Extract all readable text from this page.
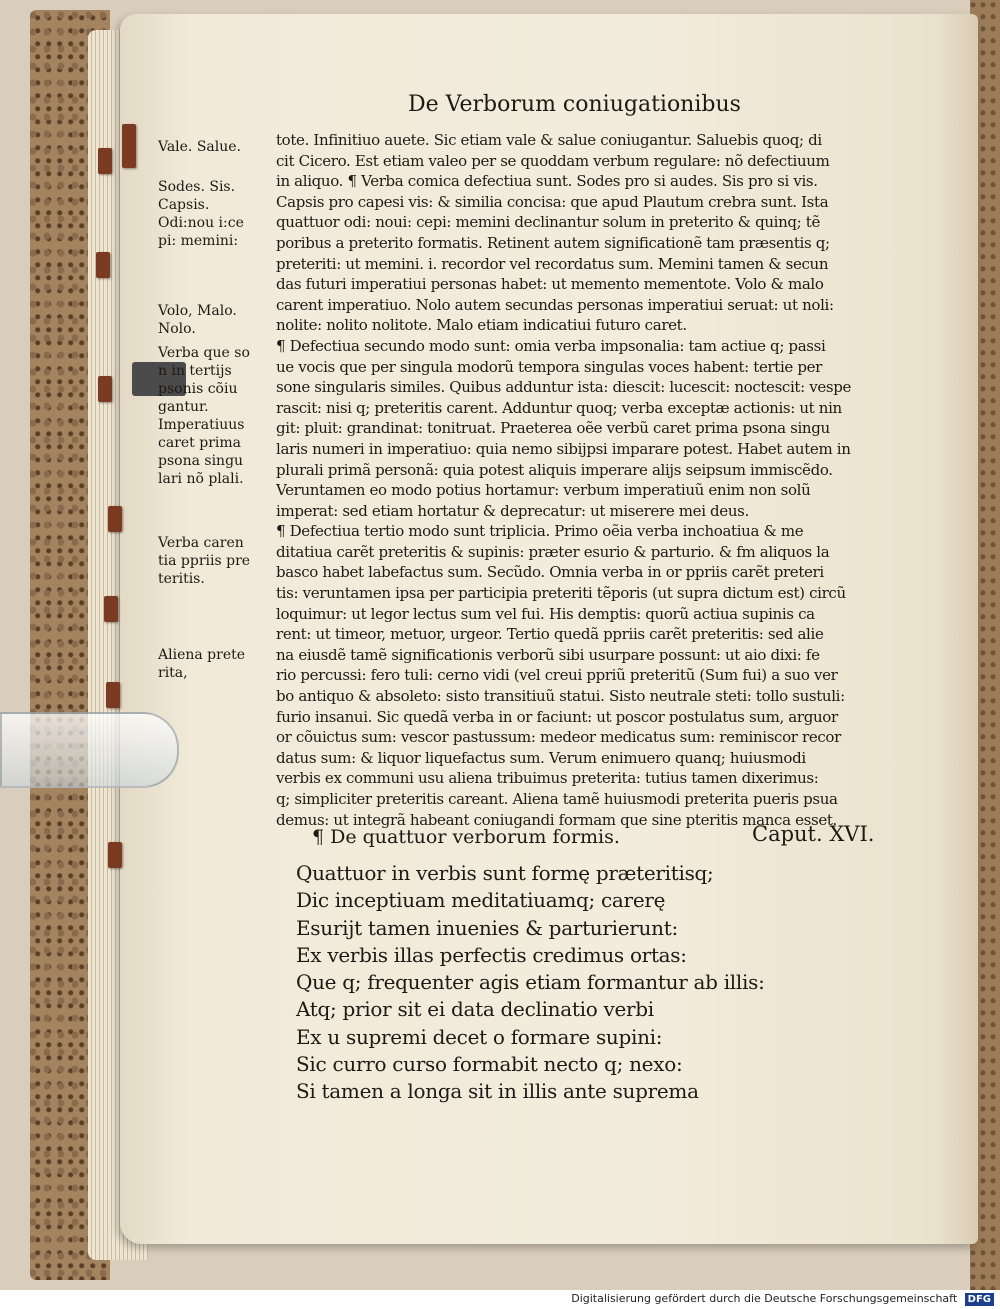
De Verborum coniugationibus
Vale. Salue.
Sodes. Sis.
Capsis.
Odi:nou i:ce
pi: memini:
Volo, Malo.
Nolo.
Verba que so
n in tertijs
psonis cõiu
gantur.
Imperatiuus
caret prima
psona singu
lari nõ plali.
Verba caren
tia ppriis pre
teritis.
Aliena prete
rita,
tote. Infinitiuo auete. Sic etiam vale & salue coniugantur. Saluebis quoq; di
cit Cicero. Est etiam valeo per se quoddam verbum regulare: nõ defectiuum
in aliquo. ¶ Verba comica defectiua sunt. Sodes pro si audes. Sis pro si vis.
Capsis pro capesi vis: & similia concisa: que apud Plautum crebra sunt. Ista
quattuor odi: noui: cepi: memini declinantur solum in preterito & quinq; tẽ
poribus a preterito formatis. Retinent autem significationẽ tam præsentis q;
preteriti: ut memini. i. recordor vel recordatus sum. Memini tamen & secun
das futuri imperatiui personas habet: ut memento mementote. Volo & malo
carent imperatiuo. Nolo autem secundas personas imperatiui seruat: ut noli:
nolite: nolito nolitote. Malo etiam indicatiui futuro caret.
¶ Defectiua secundo modo sunt: omia verba impsonalia: tam actiue q; passi
ue vocis que per singula modorũ tempora singulas voces habent: tertie per
sone singularis similes. Quibus adduntur ista: diescit: lucescit: noctescit: vespe
rascit: nisi q; preteritis carent. Adduntur quoq; verba exceptæ actionis: ut nin
git: pluit: grandinat: tonitruat. Praeterea oẽe verbũ caret prima psona singu
laris numeri in imperatiuo: quia nemo sibijpsi imparare potest. Habet autem in
plurali primã personã: quia potest aliquis imperare alijs seipsum immiscẽdo.
Veruntamen eo modo potius hortamur: verbum imperatiuũ enim non solũ
imperat: sed etiam hortatur & deprecatur: ut miserere mei deus.
¶ Defectiua tertio modo sunt triplicia. Primo oẽia verba inchoatiua & me
ditatiua carẽt preteritis & supinis: præter esurio & parturio. & fm aliquos la
basco habet labefactus sum. Secũdo. Omnia verba in or ppriis carẽt preteri
tis: veruntamen ipsa per participia preteriti tẽporis (ut supra dictum est) circũ
loquimur: ut legor lectus sum vel fui. His demptis: quorũ actiua supinis ca
rent: ut timeor, metuor, urgeor. Tertio quedã ppriis carẽt preteritis: sed alie
na eiusdẽ tamẽ significationis verborũ sibi usurpare possunt: ut aio dixi: fe
rio percussi: fero tuli: cerno vidi (vel creui ppriũ preteritũ (Sum fui) a suo ver
bo antiquo & absoleto: sisto transitiuũ statui. Sisto neutrale steti: tollo sustuli:
furio insanui. Sic quedã verba in or faciunt: ut poscor postulatus sum, arguor
or cõuictus sum: vescor pastussum: medeor medicatus sum: reminiscor recor
datus sum: & liquor liquefactus sum. Verum enimuero quanq; huiusmodi
verbis ex communi usu aliena tribuimus preterita: tutius tamen dixerimus:
q; simpliciter preteritis careant. Aliena tamẽ huiusmodi preterita pueris psua
demus: ut integrã habeant coniugandi formam que sine pteritis manca esset.
¶ De quattuor verborum formis.	Caput. XVI.
Quattuor in verbis sunt formę præteritisq;
Dic inceptiuam meditatiuamq; carerę
Esurijt tamen inuenies & parturierunt:
Ex verbis illas perfectis credimus ortas:
Que q; frequenter agis etiam formantur ab illis:
Atq; prior sit ei data declinatio verbi
Ex u supremi decet o formare supini:
Sic curro curso formabit necto q; nexo:
Si tamen a longa sit in illis ante suprema
Digitalisierung gefördert durch die Deutsche Forschungsgemeinschaft DFG
